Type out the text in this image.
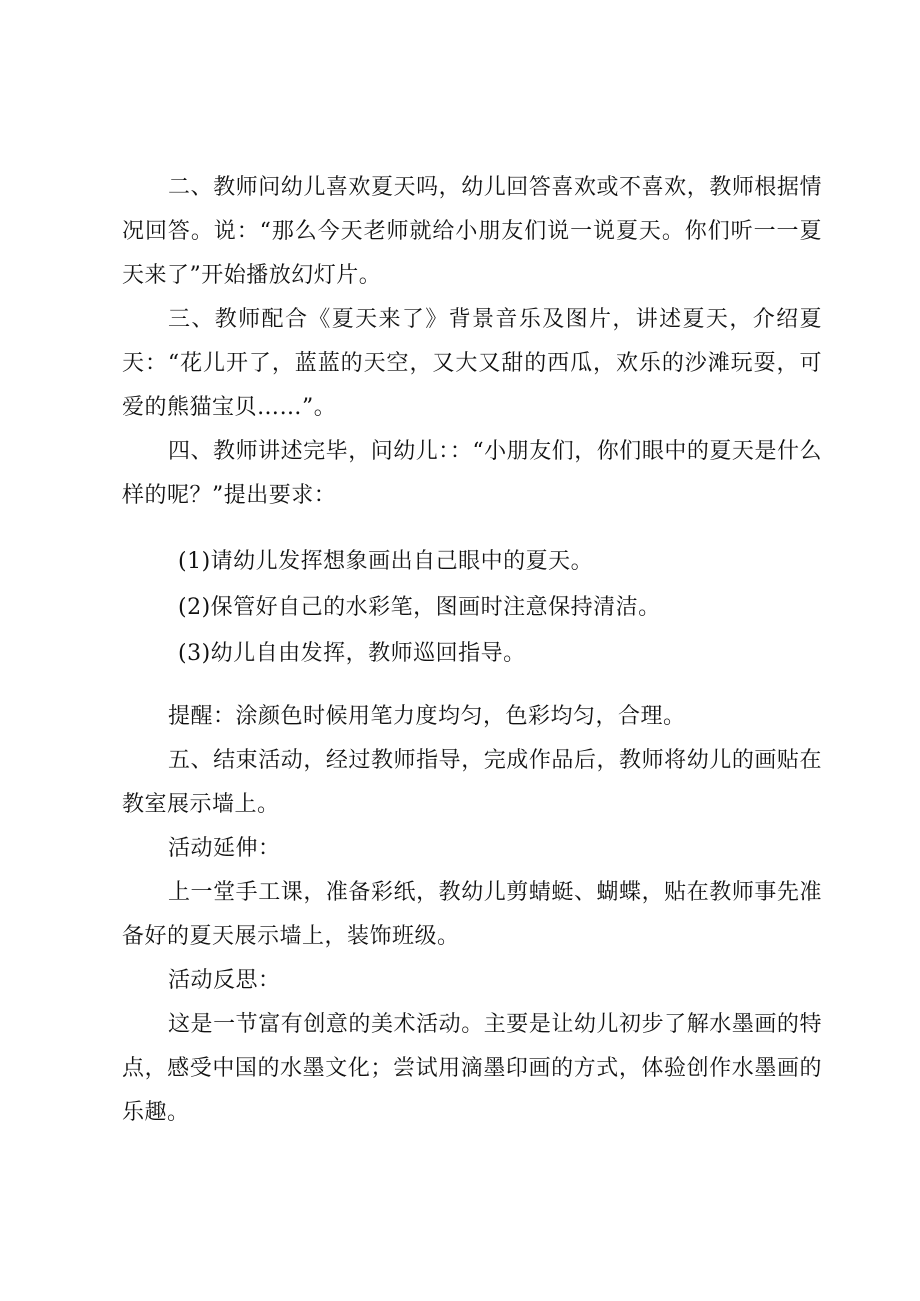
二、教师问幼儿喜欢夏天吗，幼儿回答喜欢或不喜欢，教师根据情况回答。说：“那么今天老师就给小朋友们说一说夏天。你们听一一夏天来了”开始播放幻灯片。

三、教师配合《夏天来了》背景音乐及图片，讲述夏天，介绍夏天：“花儿开了，蓝蓝的天空，又大又甜的西瓜，欢乐的沙滩玩耍，可爱的熊猫宝贝……”。

四、教师讲述完毕，问幼儿：：“小朋友们，你们眼中的夏天是什么样的呢？”提出要求：

(1)请幼儿发挥想象画出自己眼中的夏天。

(2)保管好自己的水彩笔，图画时注意保持清洁。

(3)幼儿自由发挥，教师巡回指导。

提醒：涂颜色时候用笔力度均匀，色彩均匀，合理。

五、结束活动，经过教师指导，完成作品后，教师将幼儿的画贴在教室展示墙上。

活动延伸：

上一堂手工课，准备彩纸，教幼儿剪蜻蜓、蝴蝶，贴在教师事先准备好的夏天展示墙上，装饰班级。

活动反思：

这是一节富有创意的美术活动。主要是让幼儿初步了解水墨画的特点，感受中国的水墨文化；尝试用滴墨印画的方式，体验创作水墨画的乐趣。
